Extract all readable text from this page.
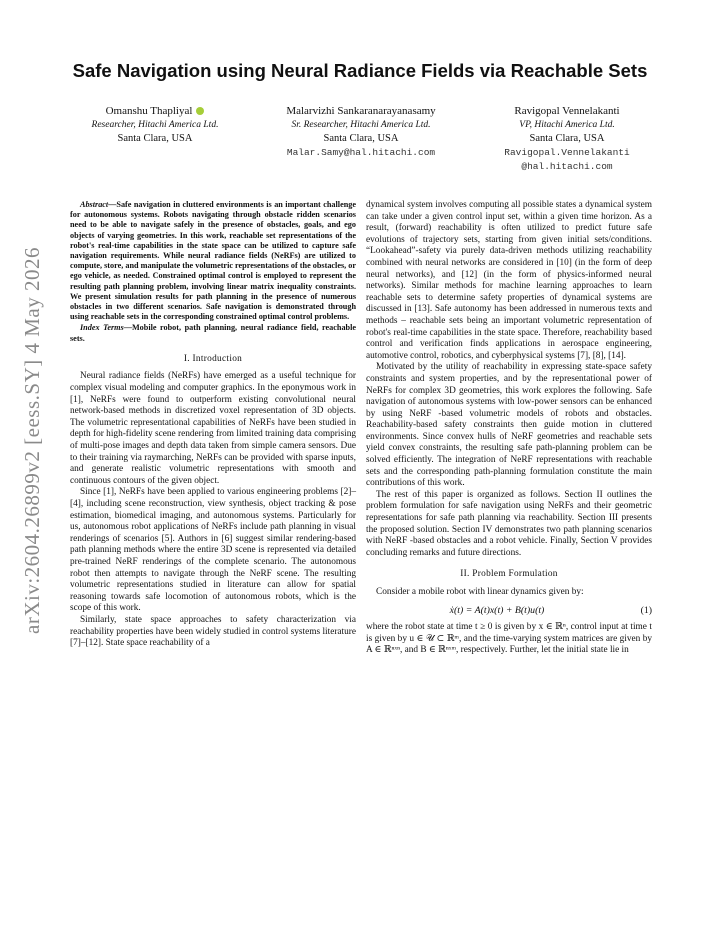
arXiv:2604.26899v2 [eess.SY] 4 May 2026
Safe Navigation using Neural Radiance Fields via Reachable Sets
Omanshu Thapliyal
Researcher, Hitachi America Ltd.
Santa Clara, USA
Malarvizhi Sankaranarayanasamy
Sr. Researcher, Hitachi America Ltd.
Santa Clara, USA
Malar.Samy@hal.hitachi.com
Ravigopal Vennelakanti
VP, Hitachi America Ltd.
Santa Clara, USA
Ravigopal.Vennelakanti
@hal.hitachi.com

Abstract—Safe navigation in cluttered environments is an important challenge for autonomous systems. Robots navigating through obstacle ridden scenarios need to be able to navigate safely in the presence of obstacles, goals, and ego objects of varying geometries. In this work, reachable set representations of the robot's real-time capabilities in the state space can be utilized to capture safe navigation requirements. While neural radiance fields (NeRFs) are utilized to compute, store, and manipulate the volumetric representations of the obstacles, or ego vehicle, as needed. Constrained optimal control is employed to represent the resulting path planning problem, involving linear matrix inequality constraints. We present simulation results for path planning in the presence of numerous obstacles in two different scenarios. Safe navigation is demonstrated through using reachable sets in the corresponding constrained optimal control problems.

Index Terms—Mobile robot, path planning, neural radiance field, reachable sets.

I. Introduction

Neural radiance fields (NeRFs) have emerged as a useful technique for complex visual modeling and computer graphics. In the eponymous work in [1], NeRFs were found to outperform existing convolutional neural network-based methods in discretized voxel representation of 3D objects. The volumetric representational capabilities of NeRFs have been studied in depth for high-fidelity scene rendering from limited training data comprising of multi-pose images and depth data taken from simple camera sensors. Due to their training via raymarching, NeRFs can be provided with sparse inputs, and generate realistic volumetric representations with smooth and continuous contours of the given object.

Since [1], NeRFs have been applied to various engineering problems [2]–[4], including scene reconstruction, view synthesis, object tracking & pose estimation, biomedical imaging, and autonomous systems. Particularly for us, autonomous robot applications of NeRFs include path planning in visual renderings of scenarios [5]. Authors in [6] suggest similar rendering-based path planning methods where the entire 3D scene is represented via detailed pre-trained NeRF renderings of the complete scenario. The autonomous robot then attempts to navigate through the NeRF scene. The resulting volumetric representations studied in literature can allow for spatial reasoning towards safe locomotion of autonomous robots, which is the scope of this work.

Similarly, state space approaches to safety characterization via reachability properties have been widely studied in control systems literature [7]–[12]. State space reachability of a

dynamical system involves computing all possible states a dynamical system can take under a given control input set, within a given time horizon. As a result, (forward) reachability is often utilized to predict future safe evolutions of trajectory sets, starting from given initial sets/conditions. “Lookahead”-safety via purely data-driven methods utilizing reachability combined with neural networks are considered in [10] (in the form of deep neural networks), and [12] (in the form of physics-informed neural networks). Similar methods for machine learning approaches to learn reachable sets to determine safety properties of dynamical systems are discussed in [13]. Safe autonomy has been addressed in numerous texts and methods – reachable sets being an important volumetric representation of robot's real-time capabilities in the state space. Therefore, reachability based control and verification finds applications in aerospace engineering, automotive control, robotics, and cyberphysical systems [7], [8], [14].

Motivated by the utility of reachability in expressing state-space safety constraints and system properties, and by the representational power of NeRFs for complex 3D geometries, this work explores the following. Safe navigation of autonomous systems with low-power sensors can be enhanced by using NeRF -based volumetric models of robots and obstacles. Reachability-based safety constraints then guide motion in cluttered environments. Since convex hulls of NeRF geometries and reachable sets yield convex constraints, the resulting safe path-planning problem can be solved efficiently. The integration of NeRF representations with reachable sets and the corresponding path-planning formulation constitute the main contributions of this work.

The rest of this paper is organized as follows. Section II outlines the problem formulation for safe navigation using NeRFs and their geometric representations for safe path planning via reachability. Section III presents the proposed solution. Section IV demonstrates two path planning scenarios with NeRF -based obstacles and a robot vehicle. Finally, Section V provides concluding remarks and future directions.

II. Problem Formulation

Consider a mobile robot with linear dynamics given by:

ẋ(t) = A(t)x(t) + B(t)u(t)	(1)

where the robot state at time t ≥ 0 is given by x ∈ ℝⁿ, control input at time t is given by u ∈ 𝒰 ⊂ ℝᵐ, and the time-varying system matrices are given by A ∈ ℝⁿˣⁿ, and B ∈ ℝⁿˣᵐ, respectively. Further, let the initial state lie in
